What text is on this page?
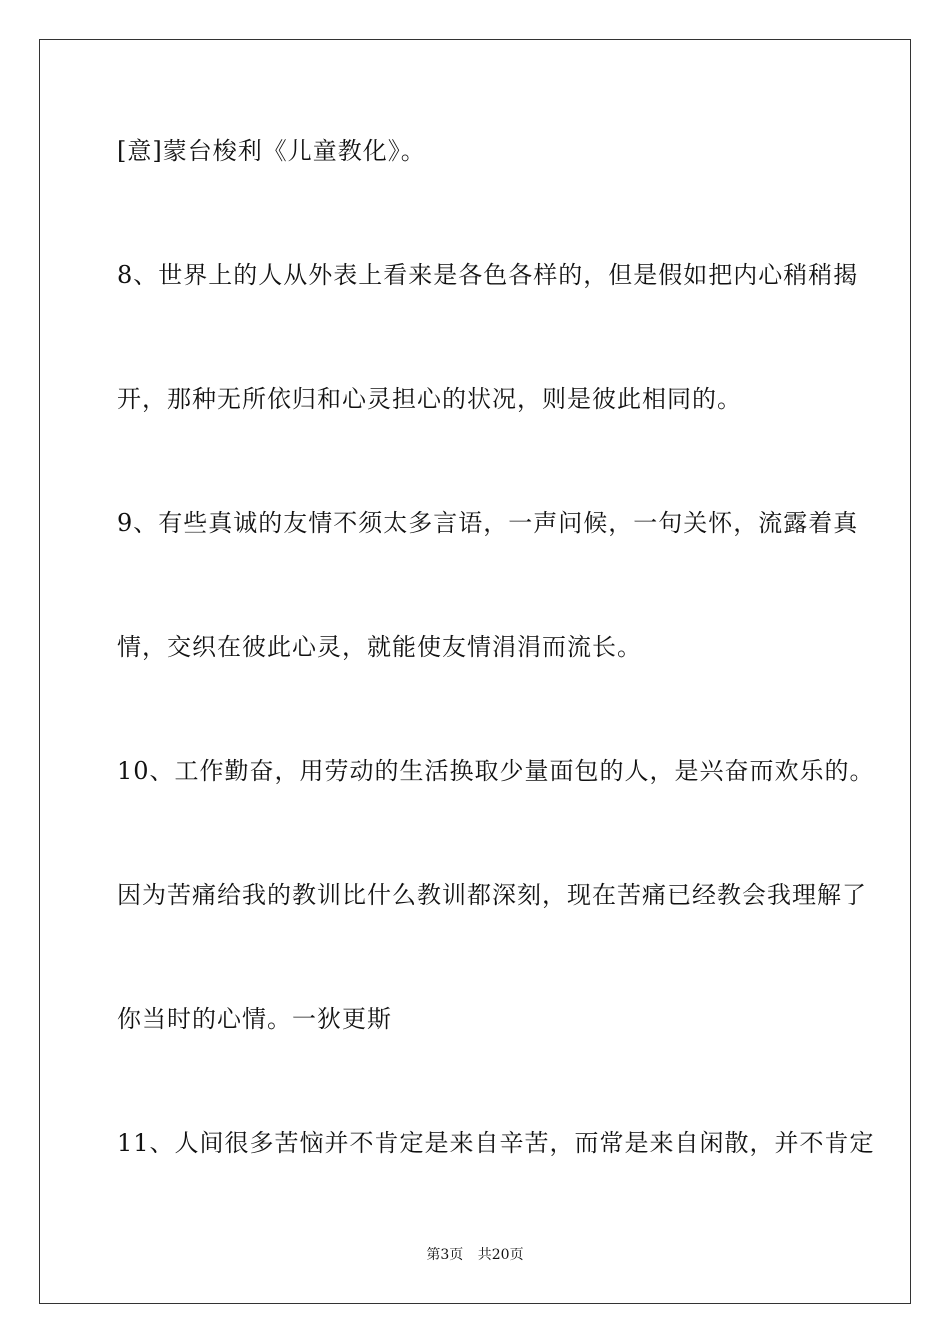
[意]蒙台梭利《儿童教化》。
8、世界上的人从外表上看来是各色各样的，但是假如把内心稍稍揭
开，那种无所依归和心灵担心的状况，则是彼此相同的。
9、有些真诚的友情不须太多言语，一声问候，一句关怀，流露着真
情，交织在彼此心灵，就能使友情涓涓而流长。
10、工作勤奋，用劳动的生活换取少量面包的人，是兴奋而欢乐的。
因为苦痛给我的教训比什么教训都深刻，现在苦痛已经教会我理解了
你当时的心情。一狄更斯
11、人间很多苦恼并不肯定是来自辛苦，而常是来自闲散，并不肯定
第3页 共20页
